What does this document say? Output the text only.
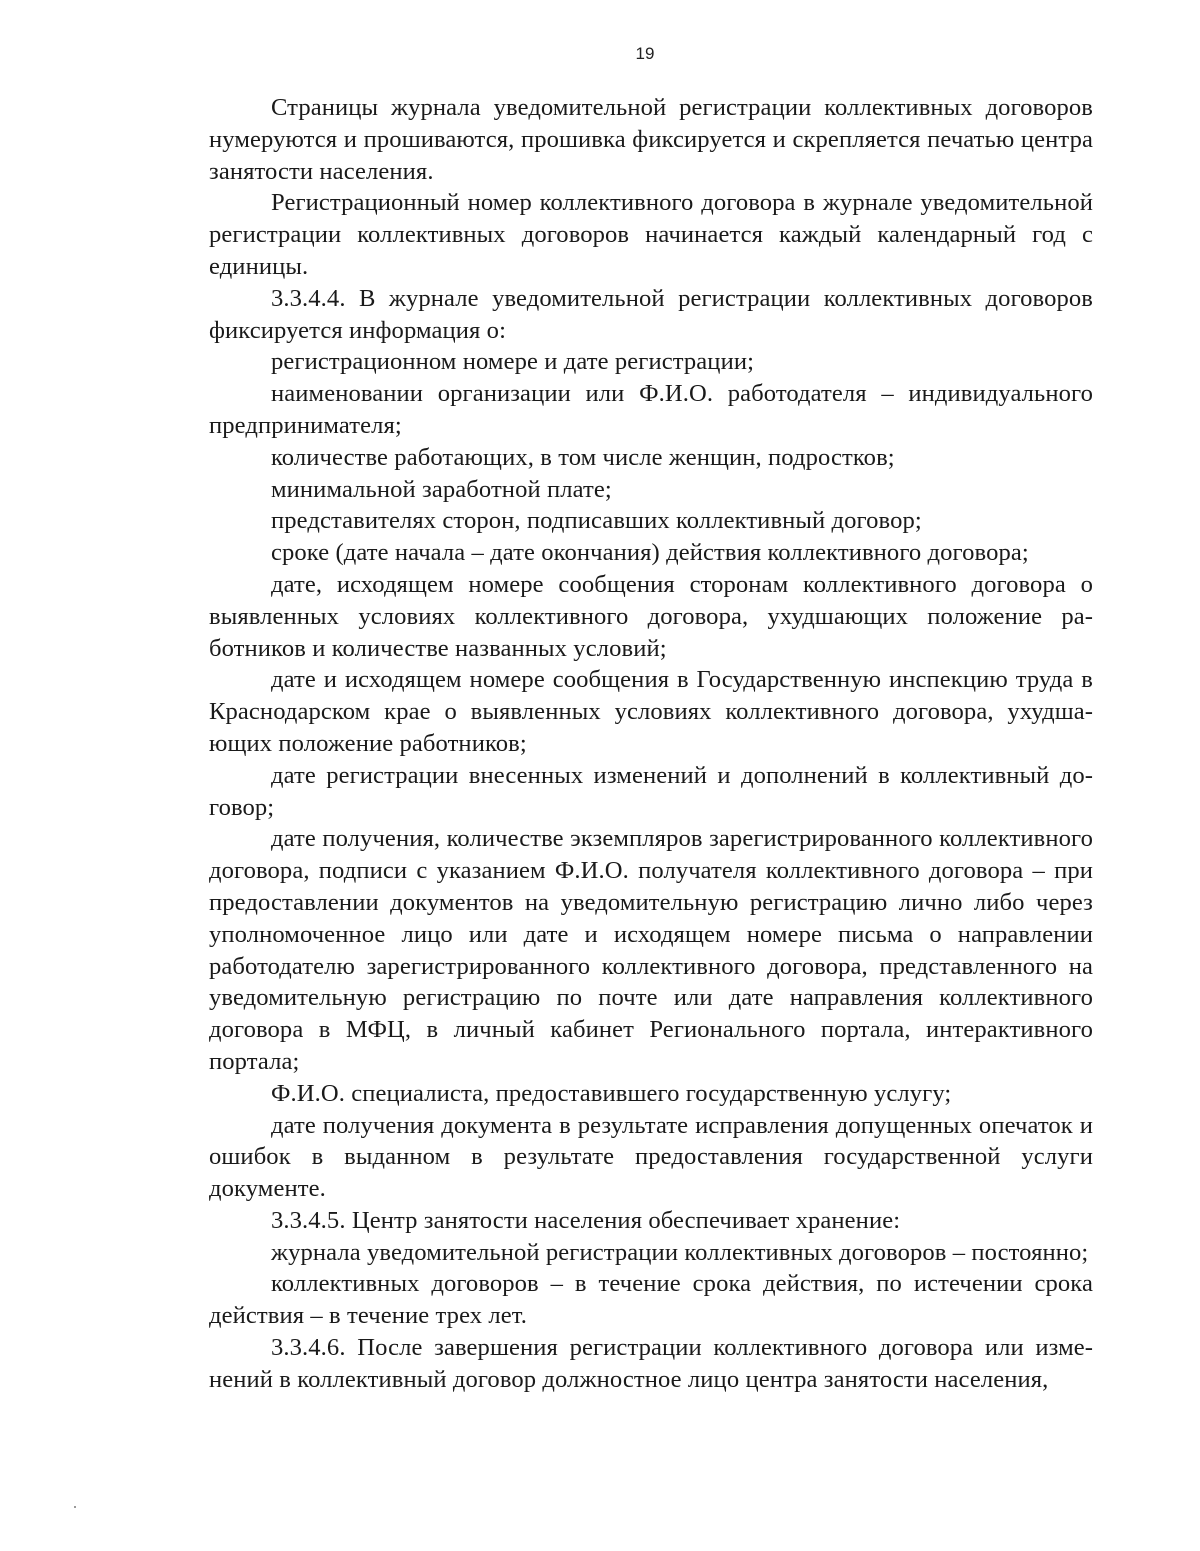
19

Страницы журнала уведомительной регистрации коллективных договоров нумеруются и прошиваются, прошивка фиксируется и скрепляется печатью центра занятости населения.

Регистрационный номер коллективного договора в журнале уведомительной регистрации коллективных договоров начинается каждый календарный год с единицы.

3.3.4.4. В журнале уведомительной регистрации коллективных договоров фиксируется информация о:

регистрационном номере и дате регистрации;

наименовании организации или Ф.И.О. работодателя – индивидуального предпринимателя;

количестве работающих, в том числе женщин, подростков;

минимальной заработной плате;

представителях сторон, подписавших коллективный договор;

сроке (дате начала – дате окончания) действия коллективного договора;

дате, исходящем номере сообщения сторонам коллективного договора о выявленных условиях коллективного договора, ухудшающих положение работников и количестве названных условий;

дате и исходящем номере сообщения в Государственную инспекцию труда в Краснодарском крае о выявленных условиях коллективного договора, ухудшающих положение работников;

дате регистрации внесенных изменений и дополнений в коллективный договор;

дате получения, количестве экземпляров зарегистрированного коллективного договора, подписи с указанием Ф.И.О. получателя коллективного договора – при предоставлении документов на уведомительную регистрацию лично либо через уполномоченное лицо или дате и исходящем номере письма о направлении работодателю зарегистрированного коллективного договора, представленного на уведомительную регистрацию по почте или дате направления коллективного договора в МФЦ, в личный кабинет Регионального портала, интерактивного портала;

Ф.И.О. специалиста, предоставившего государственную услугу;

дате получения документа в результате исправления допущенных опечаток и ошибок в выданном в результате предоставления государственной услуги документе.

3.3.4.5. Центр занятости населения обеспечивает хранение:

журнала уведомительной регистрации коллективных договоров – постоянно;

коллективных договоров – в течение срока действия, по истечении срока действия – в течение трех лет.

3.3.4.6. После завершения регистрации коллективного договора или изменений в коллективный договор должностное лицо центра занятости населения,
